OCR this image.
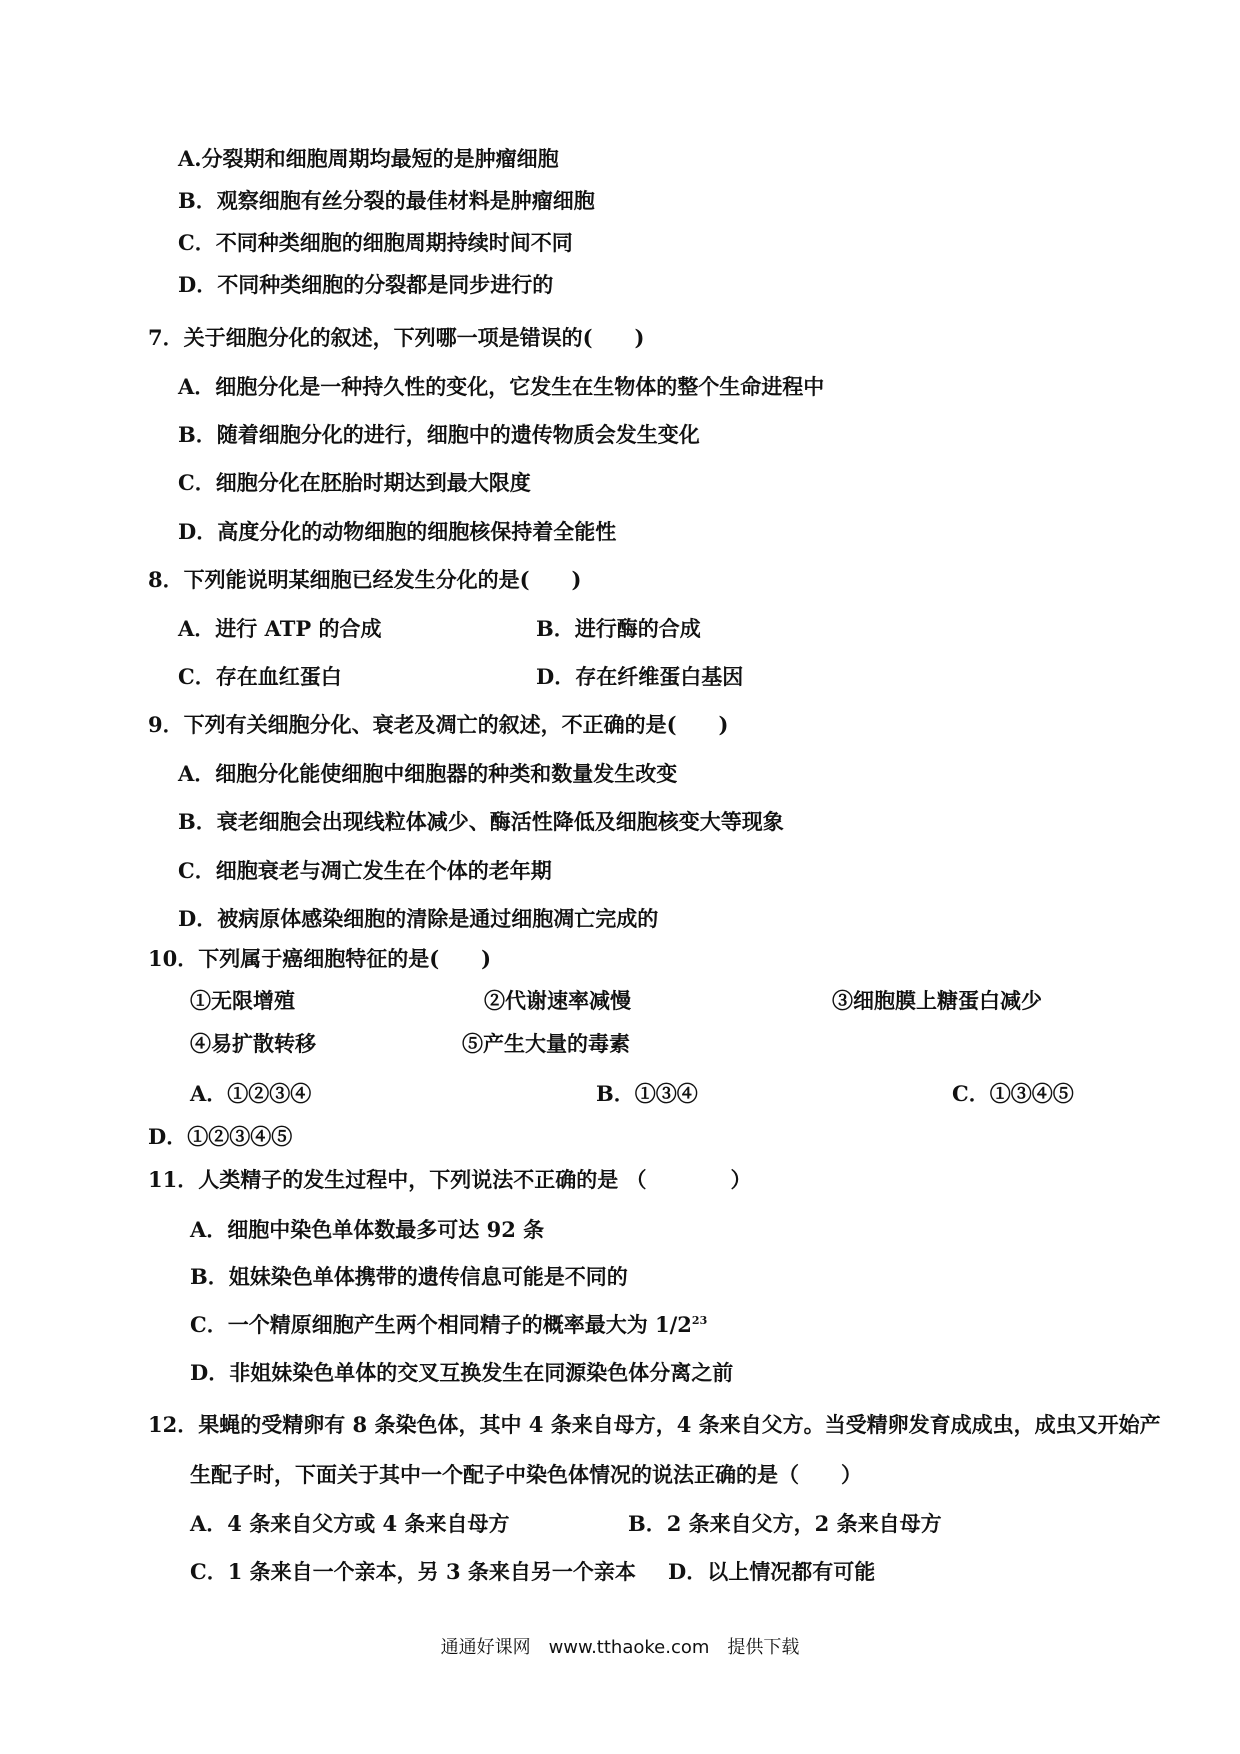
A.分裂期和细胞周期均最短的是肿瘤细胞
B．观察细胞有丝分裂的最佳材料是肿瘤细胞
C．不同种类细胞的细胞周期持续时间不同
D．不同种类细胞的分裂都是同步进行的
7．关于细胞分化的叙述，下列哪一项是错误的(　　)
A．细胞分化是一种持久性的变化，它发生在生物体的整个生命进程中
B．随着细胞分化的进行，细胞中的遗传物质会发生变化
C．细胞分化在胚胎时期达到最大限度
D．高度分化的动物细胞的细胞核保持着全能性
8．下列能说明某细胞已经发生分化的是(　　)
A．进行 ATP 的合成	B．进行酶的合成
C．存在血红蛋白	D．存在纤维蛋白基因
9．下列有关细胞分化、衰老及凋亡的叙述，不正确的是(　　)
A．细胞分化能使细胞中细胞器的种类和数量发生改变
B．衰老细胞会出现线粒体减少、酶活性降低及细胞核变大等现象
C．细胞衰老与凋亡发生在个体的老年期
D．被病原体感染细胞的清除是通过细胞凋亡完成的
10．下列属于癌细胞特征的是(　　)
①无限增殖	②代谢速率减慢	③细胞膜上糖蛋白减少
④易扩散转移	⑤产生大量的毒素
A．①②③④	B．①③④	C．①③④⑤
D．①②③④⑤
11．人类精子的发生过程中，下列说法不正确的是 （　　　　）
A．细胞中染色单体数最多可达 92 条
B．姐妹染色单体携带的遗传信息可能是不同的
C．一个精原细胞产生两个相同精子的概率最大为 $1/2^{23}$
D．非姐妹染色单体的交叉互换发生在同源染色体分离之前
12．果蝇的受精卵有 8 条染色体，其中 4 条来自母方，4 条来自父方。当受精卵发育成成虫，成虫又开始产
生配子时，下面关于其中一个配子中染色体情况的说法正确的是（　　）
A．4 条来自父方或 4 条来自母方	B．2 条来自父方，2 条来自母方
C．1 条来自一个亲本，另 3 条来自另一个亲本 D．以上情况都有可能
通通好课网　www.tthaoke.com　提供下载
